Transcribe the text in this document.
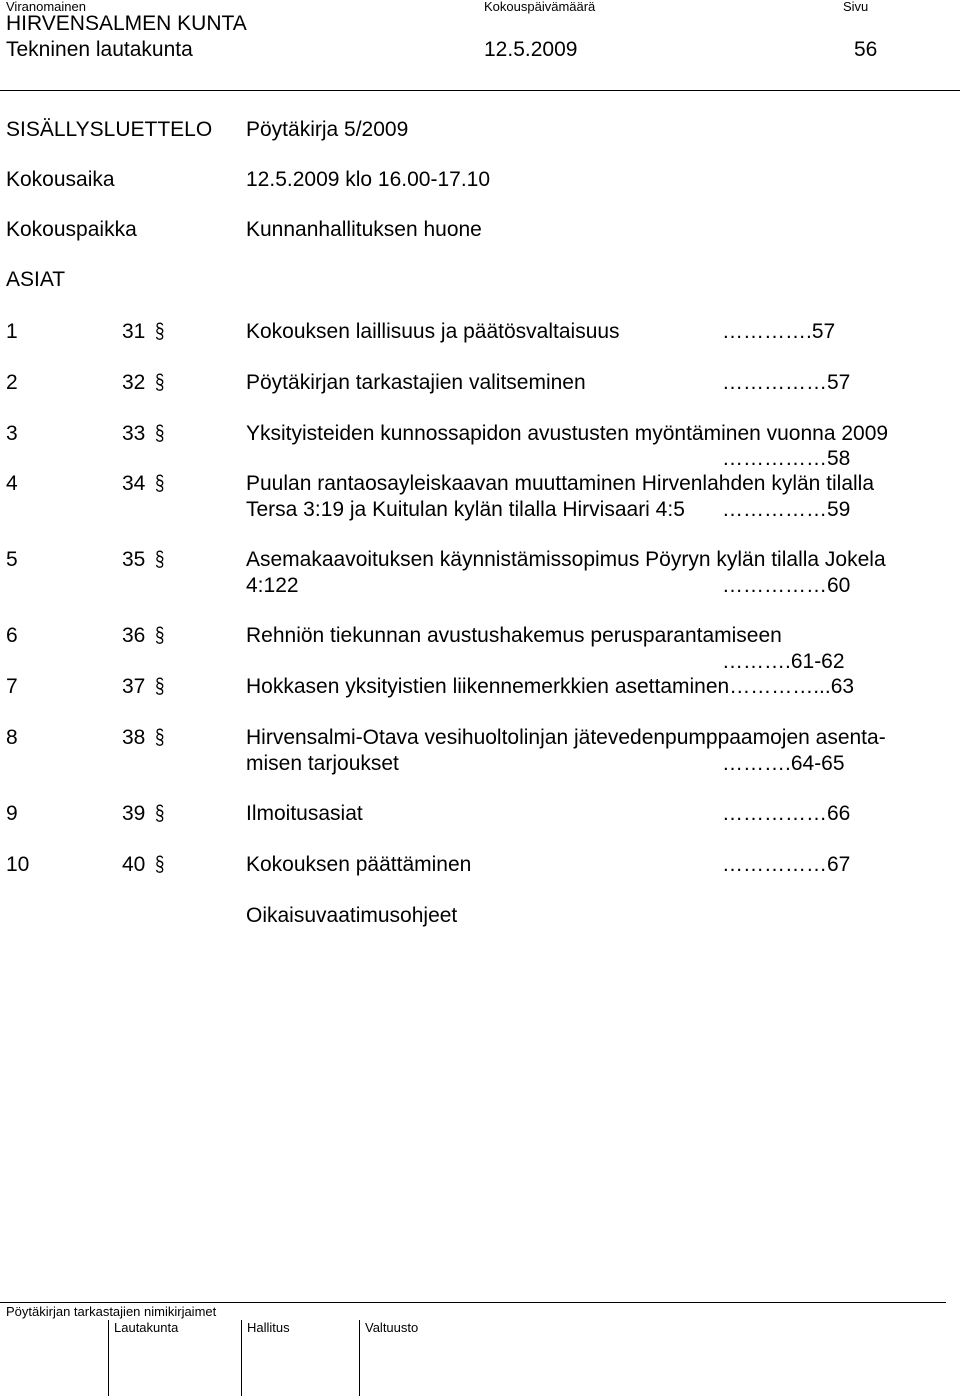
Viranomainen	Kokouspäivämäärä	Sivu
HIRVENSALMEN KUNTA
Tekninen lautakunta	12.5.2009	56
SISÄLLYSLUETTELO Pöytäkirja 5/2009
Kokousaika	12.5.2009 klo 16.00-17.10
Kokouspaikka	Kunnanhallituksen huone
ASIAT
1	31 §	Kokouksen laillisuus ja päätösvaltaisuus	………….57
2	32 §	Pöytäkirjan tarkastajien valitseminen	……………57
3	33 §	Yksityisteiden kunnossapidon avustusten myöntäminen vuonna 2009
……………58
4	34 §	Puulan rantaosayleiskaavan muuttaminen Hirvenlahden kylän tilalla
Tersa 3:19 ja Kuitulan kylän tilalla Hirvisaari 4:5 ……………59
5	35 §	Asemakaavoituksen käynnistämissopimus Pöyryn kylän tilalla Jokela
4:122	……………60
6	36 §	Rehniön tiekunnan avustushakemus perusparantamiseen
……….61-62
7	37 §	Hokkasen yksityistien liikennemerkkien asettaminen…………...63
8	38 §	Hirvensalmi-Otava vesihuoltolinjan jätevedenpumppaamojen asenta-
misen tarjoukset	……….64-65
9	39 §	Ilmoitusasiat	……………66
10	40 §	Kokouksen päättäminen	……………67
Oikaisuvaatimusohjeet
Pöytäkirjan tarkastajien nimikirjaimet
Lautakunta	Hallitus	Valtuusto
